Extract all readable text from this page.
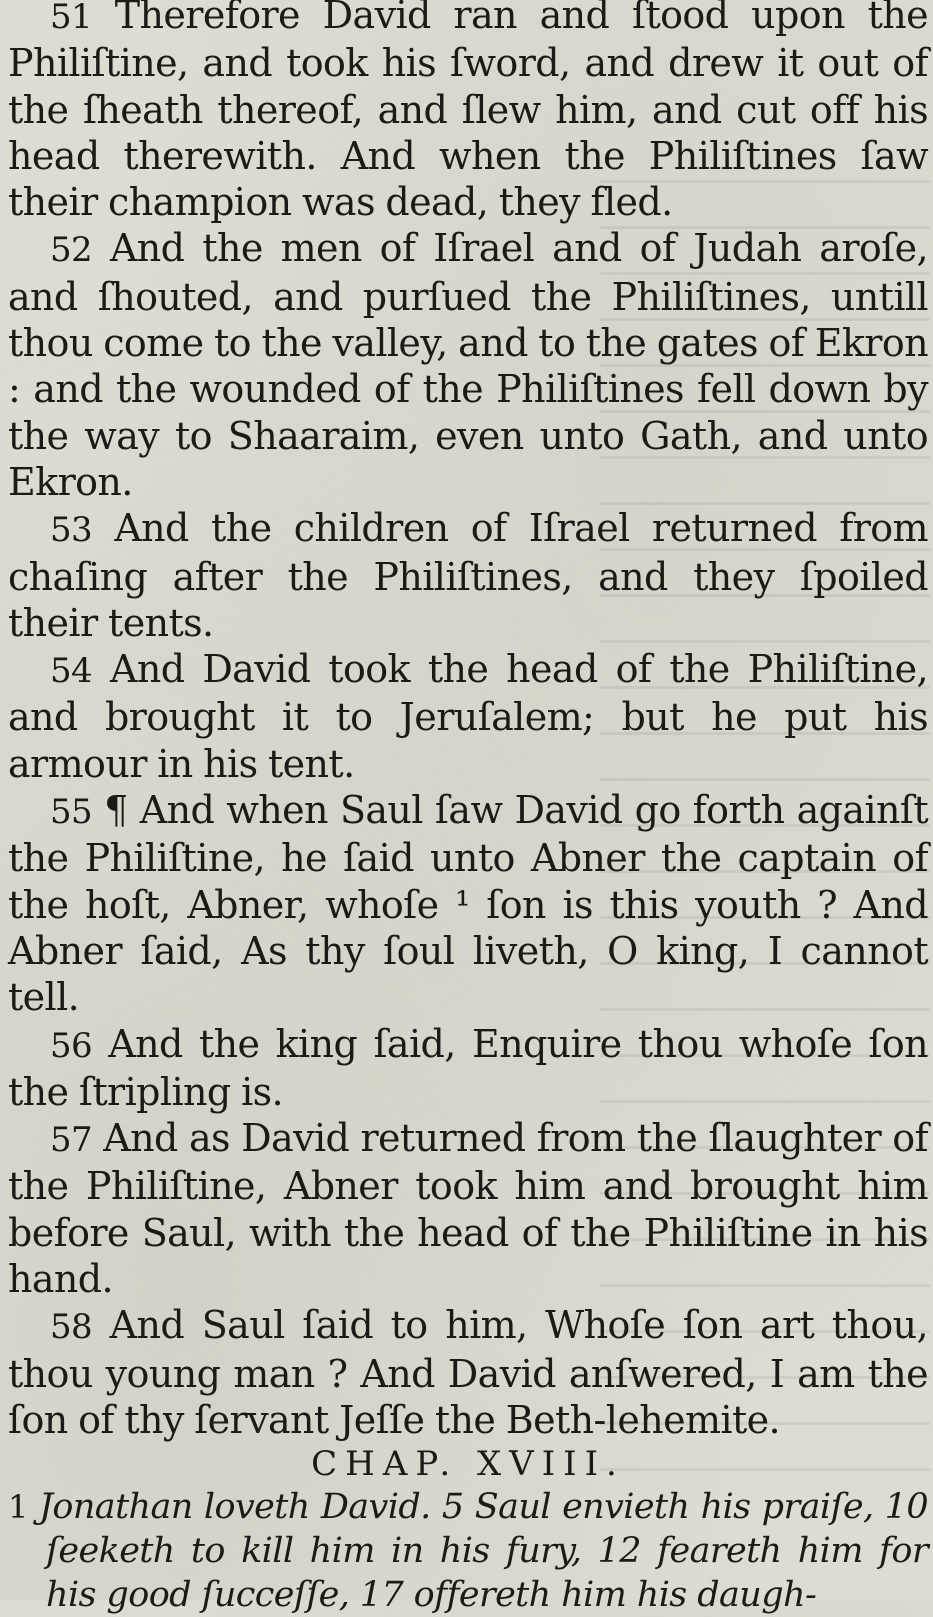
51 Therefore David ran and ſtood upon the Philiſtine, and took his ſword, and drew it out of the ſheath thereof, and ſlew him, and cut off his head therewith. And when the Philiſtines ſaw their champion was dead, they fled.

52 And the men of Iſrael and of Judah aroſe, and ſhouted, and purſued the Philiſtines, untill thou come to the valley, and to the gates of Ekron : and the wounded of the Philiſtines fell down by the way to Shaaraim, even unto Gath, and unto Ekron.

53 And the children of Iſrael returned from chaſing after the Philiſtines, and they ſpoiled their tents.

54 And David took the head of the Philiſtine, and brought it to Jeruſalem; but he put his armour in his tent.

55 ¶ And when Saul ſaw David go forth againſt the Philiſtine, he ſaid unto Abner the captain of the hoſt, Abner, whoſe ¹ ſon is this youth ? And Abner ſaid, As thy ſoul liveth, O king, I cannot tell.

56 And the king ſaid, Enquire thou whoſe ſon the ſtripling is.

57 And as David returned from the ſlaughter of the Philiſtine, Abner took him and brought him before Saul, with the head of the Philiſtine in his hand.

58 And Saul ſaid to him, Whoſe ſon art thou, thou young man ? And David anſwered, I am the ſon of thy ſervant Jeſſe the Beth-lehemite.

CHAP. XVIII.

1 Jonathan loveth David. 5 Saul envieth his praiſe, 10 ſeeketh to kill him in his fury, 12 feareth him for his good ſucceſſe, 17 offereth him his daugh-
